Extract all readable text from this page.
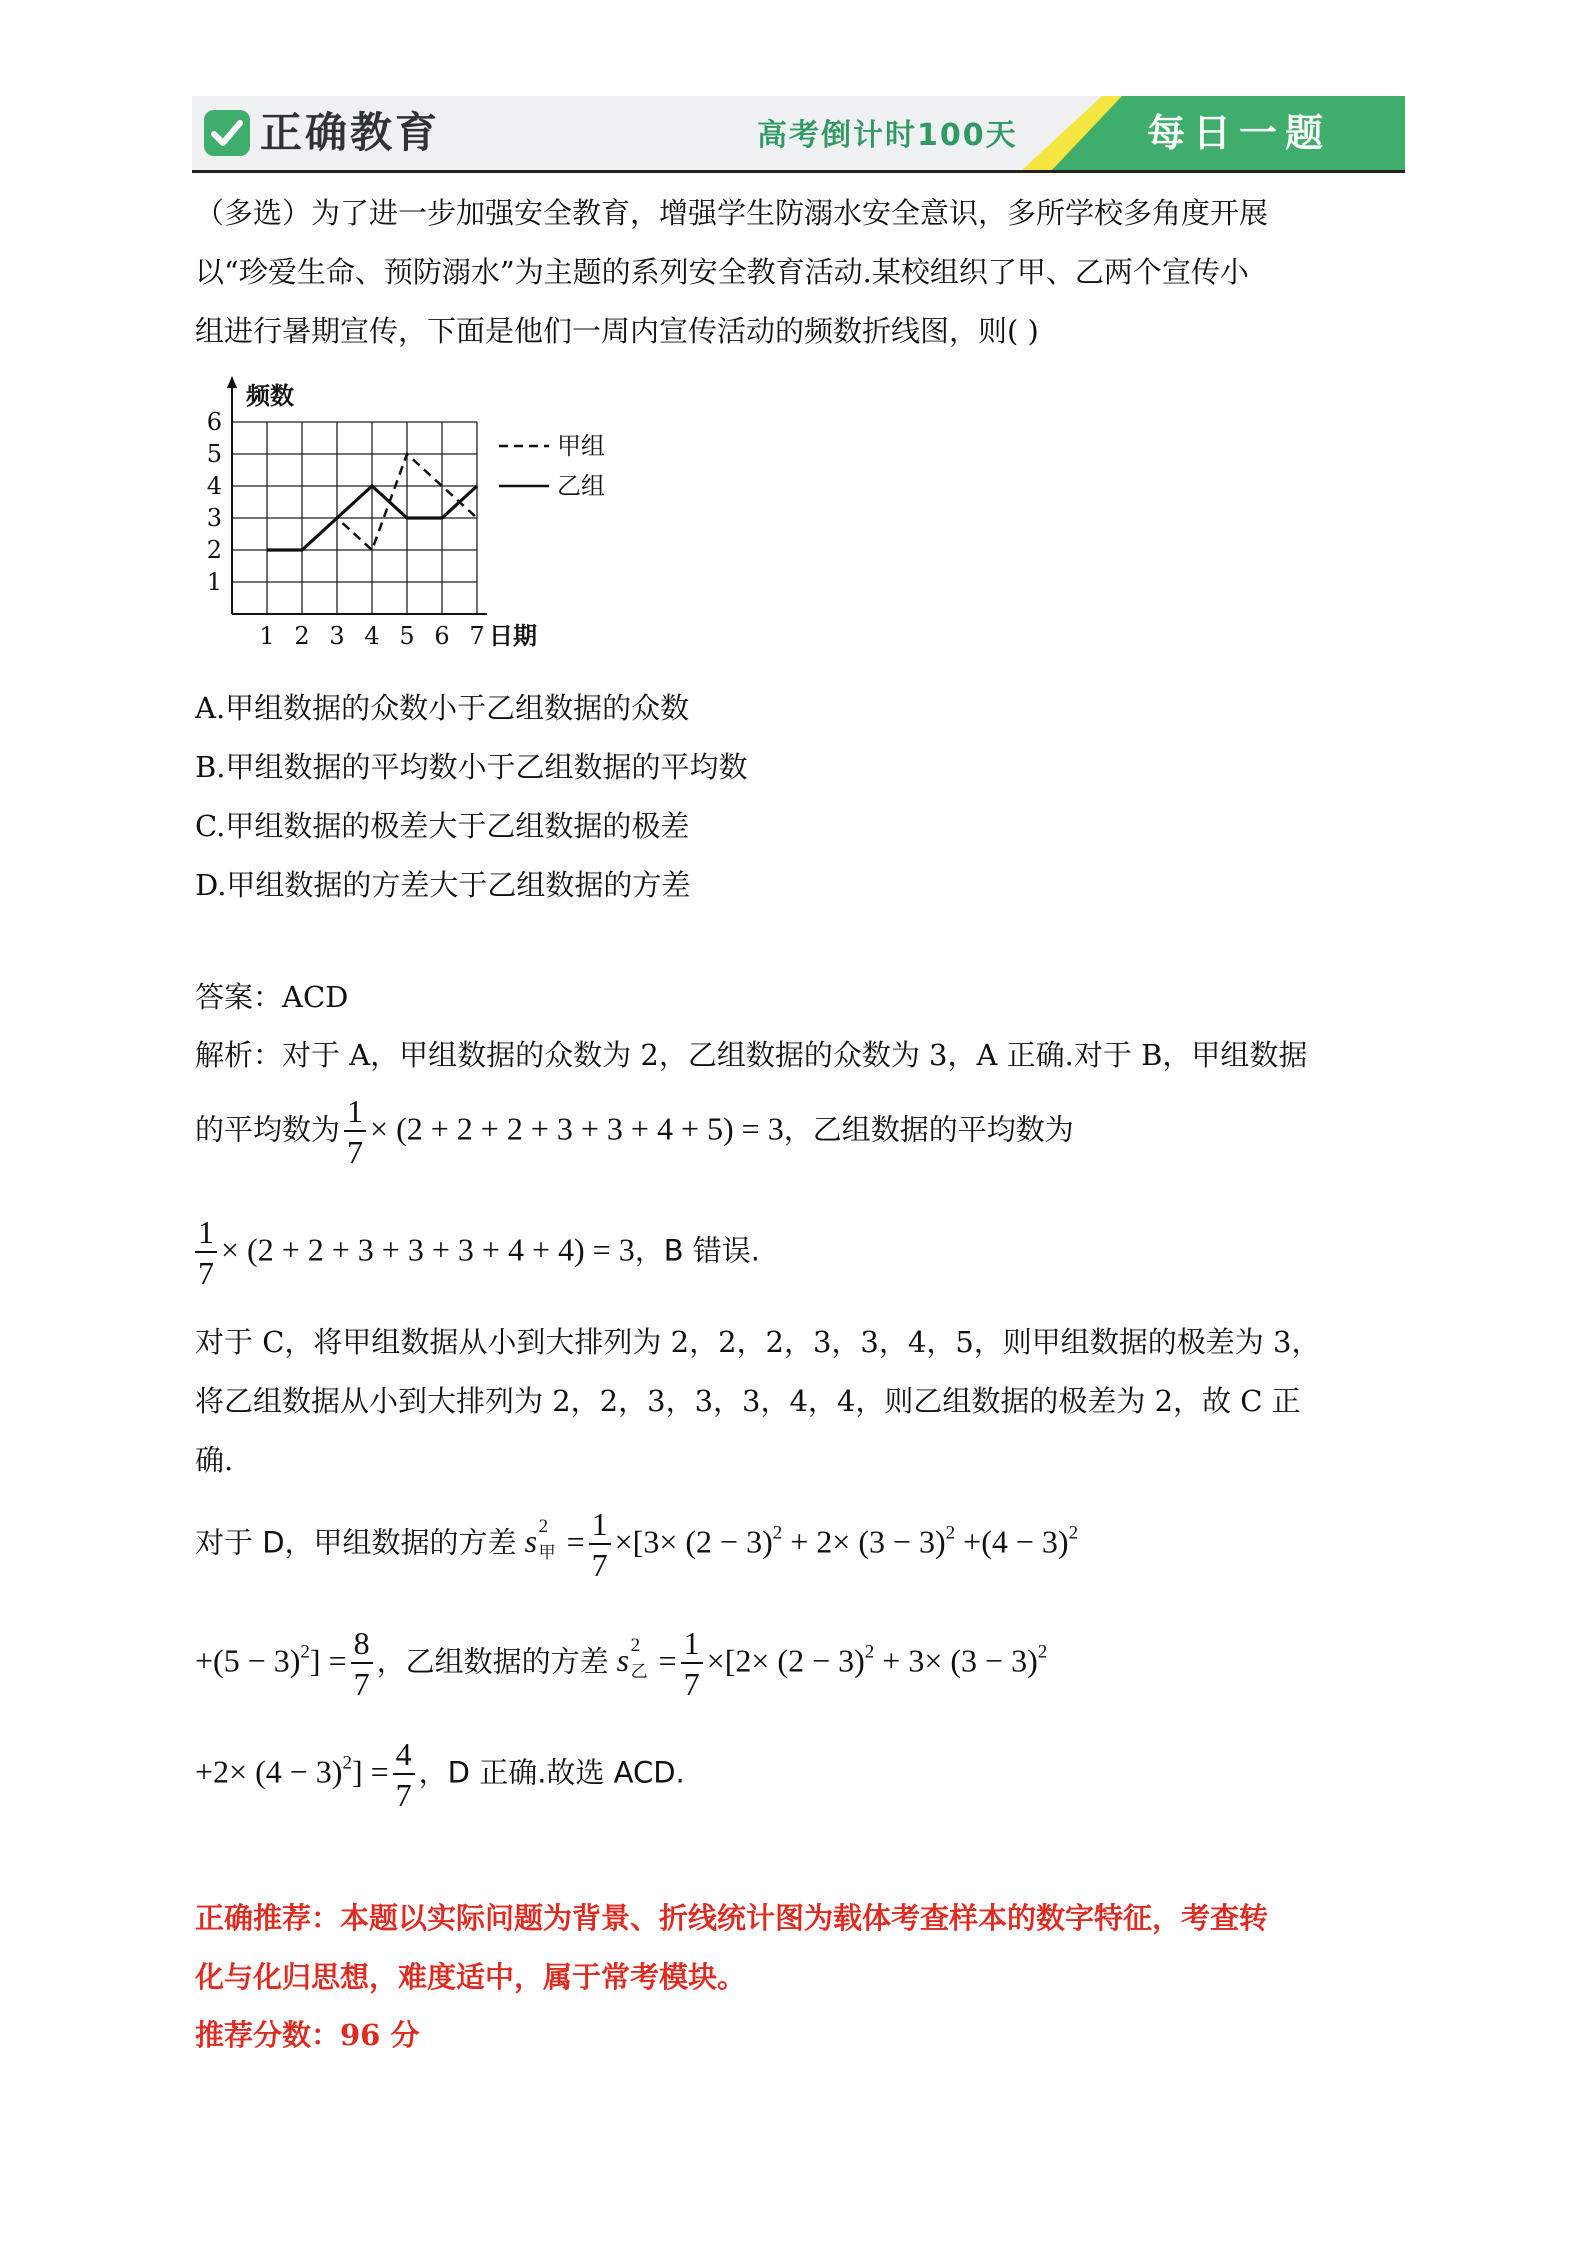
正确教育	高考倒计时100天	每日一题
（多选）为了进一步加强安全教育，增强学生防溺水安全意识，多所学校多角度开展
以“珍爱生命、预防溺水”为主题的系列安全教育活动.某校组织了甲、乙两个宣传小
组进行暑期宣传，下面是他们一周内宣传活动的频数折线图，则( )
频数
日期
1
2
3
4
5
6
1 2 3 4 5 6 7
甲组
乙组
A.甲组数据的众数小于乙组数据的众数
B.甲组数据的平均数小于乙组数据的平均数
C.甲组数据的极差大于乙组数据的极差
D.甲组数据的方差大于乙组数据的方差
答案：ACD
解析：对于 A，甲组数据的众数为 2，乙组数据的众数为 3，A 正确.对于 B，甲组数据
的平均数为 $\frac{1}{7} \times (2 + 2 + 2 + 3 + 3 + 4 + 5) = 3$，乙组数据的平均数为
$\frac{1}{7} \times (2 + 2 + 3 + 3 + 3 + 4 + 4) = 3$，B 错误.
对于 C，将甲组数据从小到大排列为 2，2，2，3，3，4，5，则甲组数据的极差为 3，
将乙组数据从小到大排列为 2，2，3，3，3，4，4，则乙组数据的极差为 2，故 C 正
确.
对于 D，甲组数据的方差 s 2
甲 = $\frac{1}{7} \times[3\times (2 - 3)^2 + 2\times (3 - 3)^2 +(4 - 3)^2$
$+(5 - 3)^2] = \frac{8}{7}$ ，乙组数据的方差 s 2
乙 = $\frac{1}{7} \times[2\times (2 - 3)^2 + 3\times (3 - 3)^2$
$+2\times (4 - 3)^2] = \frac{4}{7}$ ，D 正确.故选 ACD.
正确推荐：本题以实际问题为背景、折线统计图为载体考查样本的数字特征，考查转
化与化归思想，难度适中，属于常考模块。
推荐分数：96 分
